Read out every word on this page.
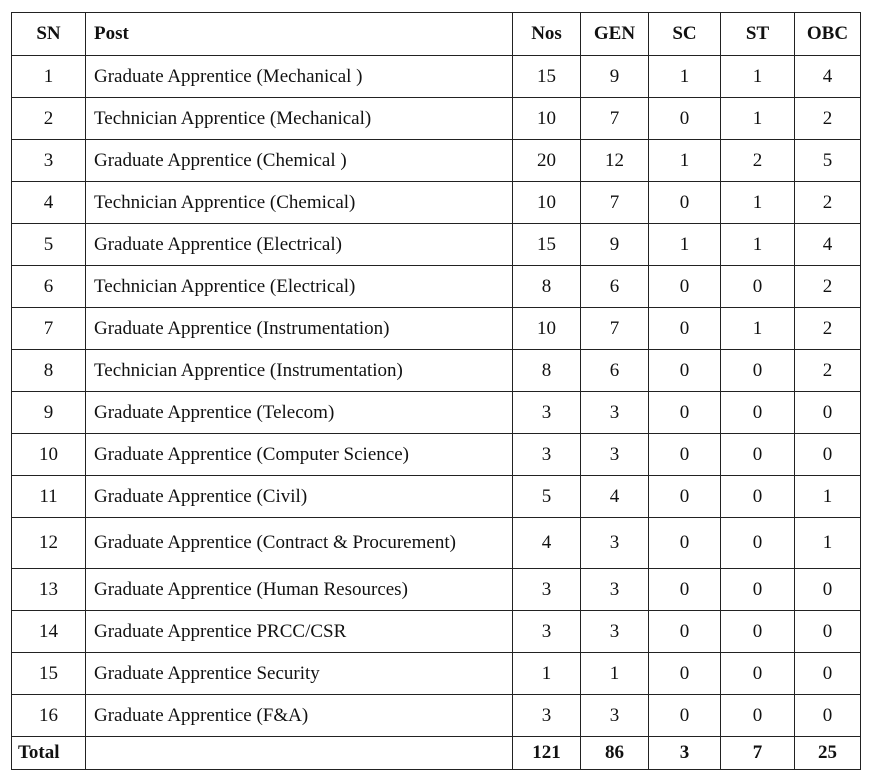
SN	Post	Nos	GEN	SC	ST	OBC
1	Graduate Apprentice (Mechanical )	15	9	1	1	4
2	Technician Apprentice (Mechanical)	10	7	0	1	2
3	Graduate Apprentice (Chemical )	20	12	1	2	5
4	Technician Apprentice (Chemical)	10	7	0	1	2
5	Graduate Apprentice (Electrical)	15	9	1	1	4
6	Technician Apprentice (Electrical)	8	6	0	0	2
7	Graduate Apprentice (Instrumentation)	10	7	0	1	2
8	Technician Apprentice (Instrumentation)	8	6	0	0	2
9	Graduate Apprentice (Telecom)	3	3	0	0	0
10	Graduate Apprentice (Computer Science)	3	3	0	0	0
11	Graduate Apprentice (Civil)	5	4	0	0	1
12	Graduate Apprentice (Contract & Procurement)	4	3	0	0	1
13	Graduate Apprentice (Human Resources)	3	3	0	0	0
14	Graduate Apprentice PRCC/CSR	3	3	0	0	0
15	Graduate Apprentice Security	1	1	0	0	0
16	Graduate Apprentice (F&A)	3	3	0	0	0
Total		121	86	3	7	25
